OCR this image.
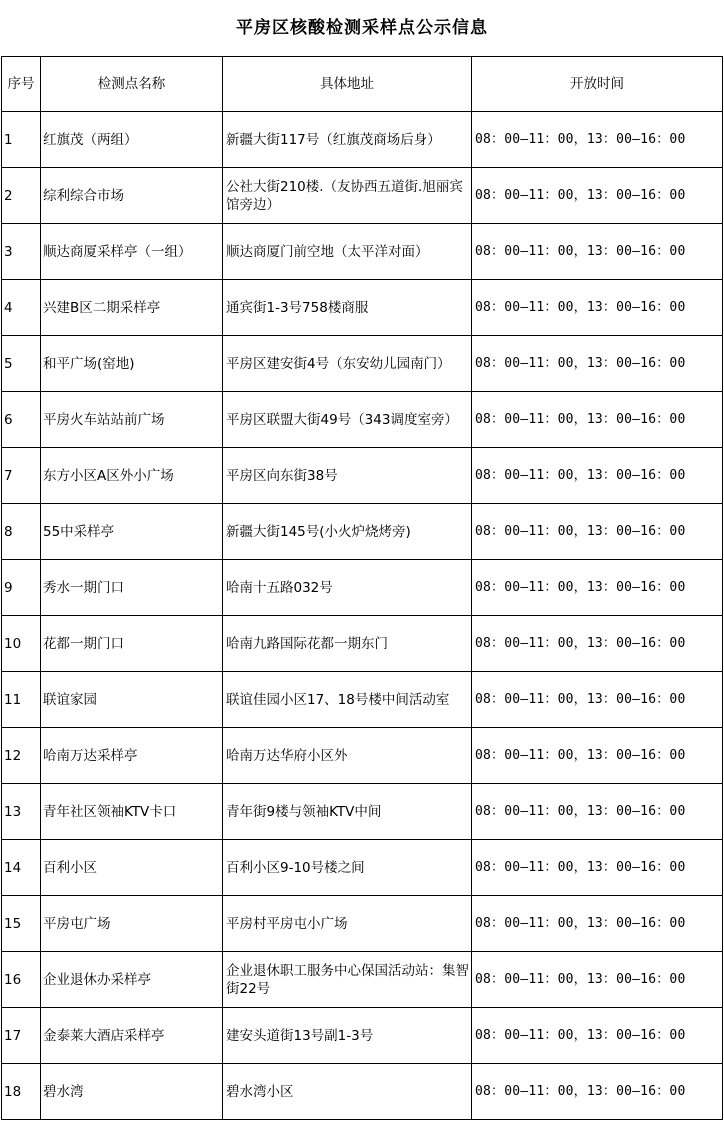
平房区核酸检测采样点公示信息
序号	检测点名称	具体地址	开放时间
1	红旗茂（两组）	新疆大街117号（红旗茂商场后身）	08：00—11：00，13：00—16：00
2	综利综合市场	公社大街210楼.（友协西五道街.旭丽宾馆旁边）	08：00—11：00，13：00—16：00
3	顺达商厦采样亭（一组）	顺达商厦门前空地（太平洋对面）	08：00—11：00，13：00—16：00
4	兴建B区二期采样亭	通宾街1-3号758楼商服	08：00—11：00，13：00—16：00
5	和平广场(窑地)	平房区建安街4号（东安幼儿园南门）	08：00—11：00，13：00—16：00
6	平房火车站站前广场	平房区联盟大街49号（343调度室旁）	08：00—11：00，13：00—16：00
7	东方小区A区外小广场	平房区向东街38号	08：00—11：00，13：00—16：00
8	55中采样亭	新疆大街145号(小火炉烧烤旁)	08：00—11：00，13：00—16：00
9	秀水一期门口	哈南十五路032号	08：00—11：00，13：00—16：00
10	花都一期门口	哈南九路国际花都一期东门	08：00—11：00，13：00—16：00
11	联谊家园	联谊佳园小区17、18号楼中间活动室	08：00—11：00，13：00—16：00
12	哈南万达采样亭	哈南万达华府小区外	08：00—11：00，13：00—16：00
13	青年社区领袖KTV卡口	青年街9楼与领袖KTV中间	08：00—11：00，13：00—16：00
14	百利小区	百利小区9-10号楼之间	08：00—11：00，13：00—16：00
15	平房屯广场	平房村平房屯小广场	08：00—11：00，13：00—16：00
16	企业退休办采样亭	企业退休职工服务中心保国活动站：集智街22号	08：00—11：00，13：00—16：00
17	金泰莱大酒店采样亭	建安头道街13号副1-3号	08：00—11：00，13：00—16：00
18	碧水湾	碧水湾小区	08：00—11：00，13：00—16：00
